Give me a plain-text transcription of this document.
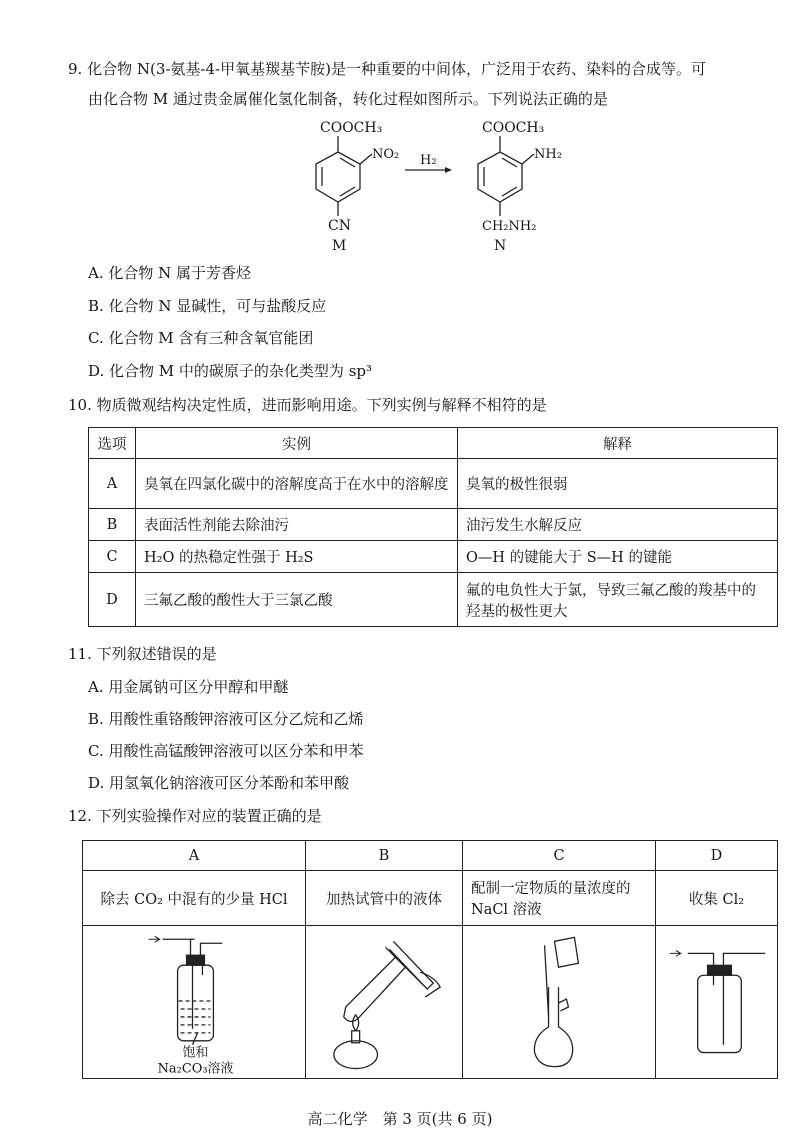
9. 化合物 N(3-氨基-4-甲氧基羰基苄胺)是一种重要的中间体，广泛用于农药、染料的合成等。可
由化合物 M 通过贵金属催化氢化制备，转化过程如图所示。下列说法正确的是
COOCH₃
NO₂
CN
M
H₂
COOCH₃
NH₂
CH₂NH₂
N
A. 化合物 N 属于芳香烃
B. 化合物 N 显碱性，可与盐酸反应
C. 化合物 M 含有三种含氧官能团
D. 化合物 M 中的碳原子的杂化类型为 sp³
10. 物质微观结构决定性质，进而影响用途。下列实例与解释不相符的是
选项	实例	解释
A	臭氧在四氯化碳中的溶解度高于在水中的溶解度	臭氧的极性很弱
B	表面活性剂能去除油污	油污发生水解反应
C	H₂O 的热稳定性强于 H₂S	O—H 的键能大于 S—H 的键能
D	三氟乙酸的酸性大于三氯乙酸	氟的电负性大于氯，导致三氟乙酸的羧基中的羟基的极性更大
11. 下列叙述错误的是
A. 用金属钠可区分甲醇和甲醚
B. 用酸性重铬酸钾溶液可区分乙烷和乙烯
C. 用酸性高锰酸钾溶液可以区分苯和甲苯
D. 用氢氧化钠溶液可区分苯酚和苯甲酸
12. 下列实验操作对应的装置正确的是
A	B	C	D
除去 CO₂ 中混有的少量 HCl	加热试管中的液体	配制一定物质的量浓度的 NaCl 溶液	收集 Cl₂

饱和
Na₂CO₃溶液

高二化学　第 3 页(共 6 页)
